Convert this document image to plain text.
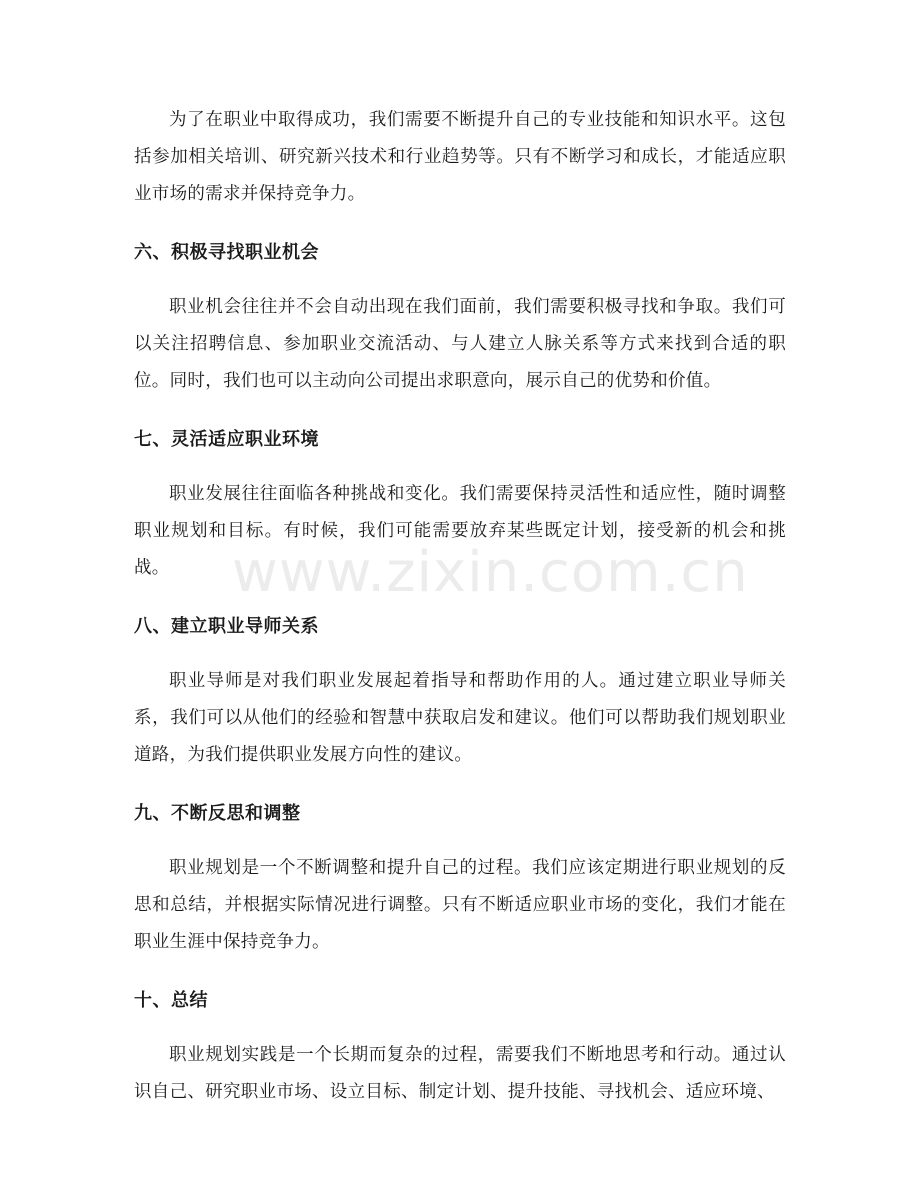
为了在职业中取得成功，我们需要不断提升自己的专业技能和知识水平。这包括参加相关培训、研究新兴技术和行业趋势等。只有不断学习和成长，才能适应职业市场的需求并保持竞争力。

六、积极寻找职业机会

职业机会往往并不会自动出现在我们面前，我们需要积极寻找和争取。我们可以关注招聘信息、参加职业交流活动、与人建立人脉关系等方式来找到合适的职位。同时，我们也可以主动向公司提出求职意向，展示自己的优势和价值。

七、灵活适应职业环境

职业发展往往面临各种挑战和变化。我们需要保持灵活性和适应性，随时调整职业规划和目标。有时候，我们可能需要放弃某些既定计划，接受新的机会和挑战。

八、建立职业导师关系

职业导师是对我们职业发展起着指导和帮助作用的人。通过建立职业导师关系，我们可以从他们的经验和智慧中获取启发和建议。他们可以帮助我们规划职业道路，为我们提供职业发展方向性的建议。

九、不断反思和调整

职业规划是一个不断调整和提升自己的过程。我们应该定期进行职业规划的反思和总结，并根据实际情况进行调整。只有不断适应职业市场的变化，我们才能在职业生涯中保持竞争力。

十、总结

职业规划实践是一个长期而复杂的过程，需要我们不断地思考和行动。通过认识自己、研究职业市场、设立目标、制定计划、提升技能、寻找机会、适应环境、

www.zixin.com.cn
